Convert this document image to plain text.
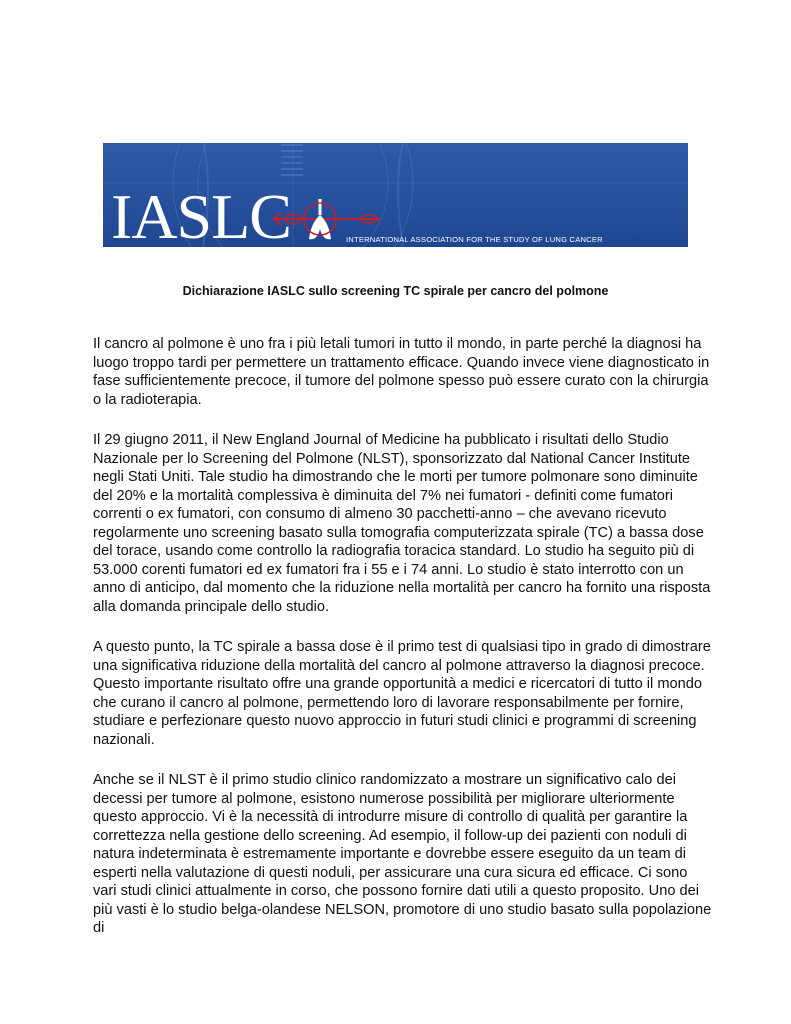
IASLC	INTERNATIONAL ASSOCIATION FOR THE STUDY OF LUNG CANCER
Dichiarazione IASLC sullo screening TC spirale per cancro del polmone

Il cancro al polmone è uno fra i più letali tumori in tutto il mondo, in parte perché la diagnosi ha luogo troppo tardi per permettere un trattamento efficace. Quando invece viene diagnosticato in fase sufficientemente precoce, il tumore del polmone spesso può essere curato con la chirurgia o la radioterapia.

Il 29 giugno 2011, il New England Journal of Medicine ha pubblicato i risultati dello Studio Nazionale per lo Screening del Polmone (NLST), sponsorizzato dal National Cancer Institute negli Stati Uniti. Tale studio ha dimostrando che le morti per tumore polmonare sono diminuite del 20% e la mortalità complessiva è diminuita del 7% nei fumatori - definiti come fumatori correnti o ex fumatori, con consumo di almeno 30 pacchetti-anno – che avevano ricevuto regolarmente uno screening basato sulla tomografia computerizzata spirale (TC) a bassa dose del torace, usando come controllo la radiografia toracica standard. Lo studio ha seguito più di 53.000 corenti fumatori ed ex fumatori fra i 55 e i 74 anni. Lo studio è stato interrotto con un anno di anticipo, dal momento che la riduzione nella mortalità per cancro ha fornito una risposta alla domanda principale dello studio.

A questo punto, la TC spirale a bassa dose è il primo test di qualsiasi tipo in grado di dimostrare una significativa riduzione della mortalità del cancro al polmone attraverso la diagnosi precoce. Questo importante risultato offre una grande opportunità a medici e ricercatori di tutto il mondo che curano il cancro al polmone, permettendo loro di lavorare responsabilmente per fornire, studiare e perfezionare questo nuovo approccio in futuri studi clinici e programmi di screening nazionali.

Anche se il NLST è il primo studio clinico randomizzato a mostrare un significativo calo dei decessi per tumore al polmone, esistono numerose possibilità per migliorare ulteriormente questo approccio. Vi è la necessità di introdurre misure di controllo di qualità per garantire la correttezza nella gestione dello screening. Ad esempio, il follow-up dei pazienti con noduli di natura indeterminata è estremamente importante e dovrebbe essere eseguito da un team di esperti nella valutazione di questi noduli, per assicurare una cura sicura ed efficace. Ci sono vari studi clinici attualmente in corso, che possono fornire dati utili a questo proposito. Uno dei più vasti è lo studio belga-olandese NELSON, promotore di uno studio basato sulla popolazione di
